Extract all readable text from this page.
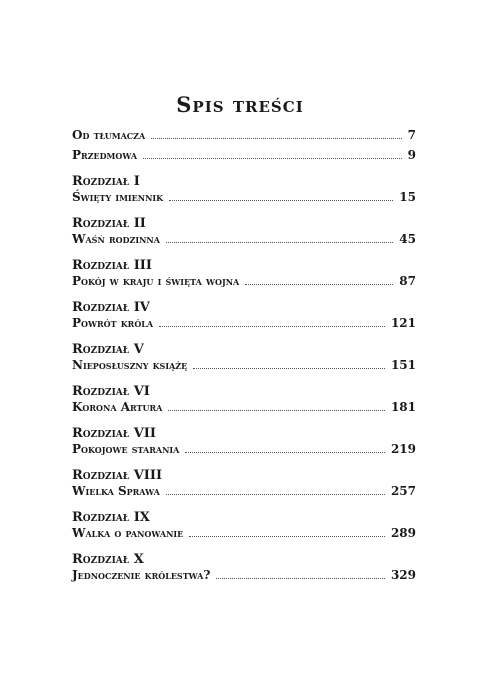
Spis treści
Od tłumacza	7
Przedmowa	9
Rozdział I
Święty imiennik	15
Rozdział II
Waśń rodzinna	45
Rozdział III
Pokój w kraju i święta wojna	87
Rozdział IV
Powrót króla	121
Rozdział V
Nieposłuszny książę	151
Rozdział VI
Korona Artura	181
Rozdział VII
Pokojowe starania	219
Rozdział VIII
Wielka Sprawa	257
Rozdział IX
Walka o panowanie	289
Rozdział X
Jednoczenie królestwa?	329
